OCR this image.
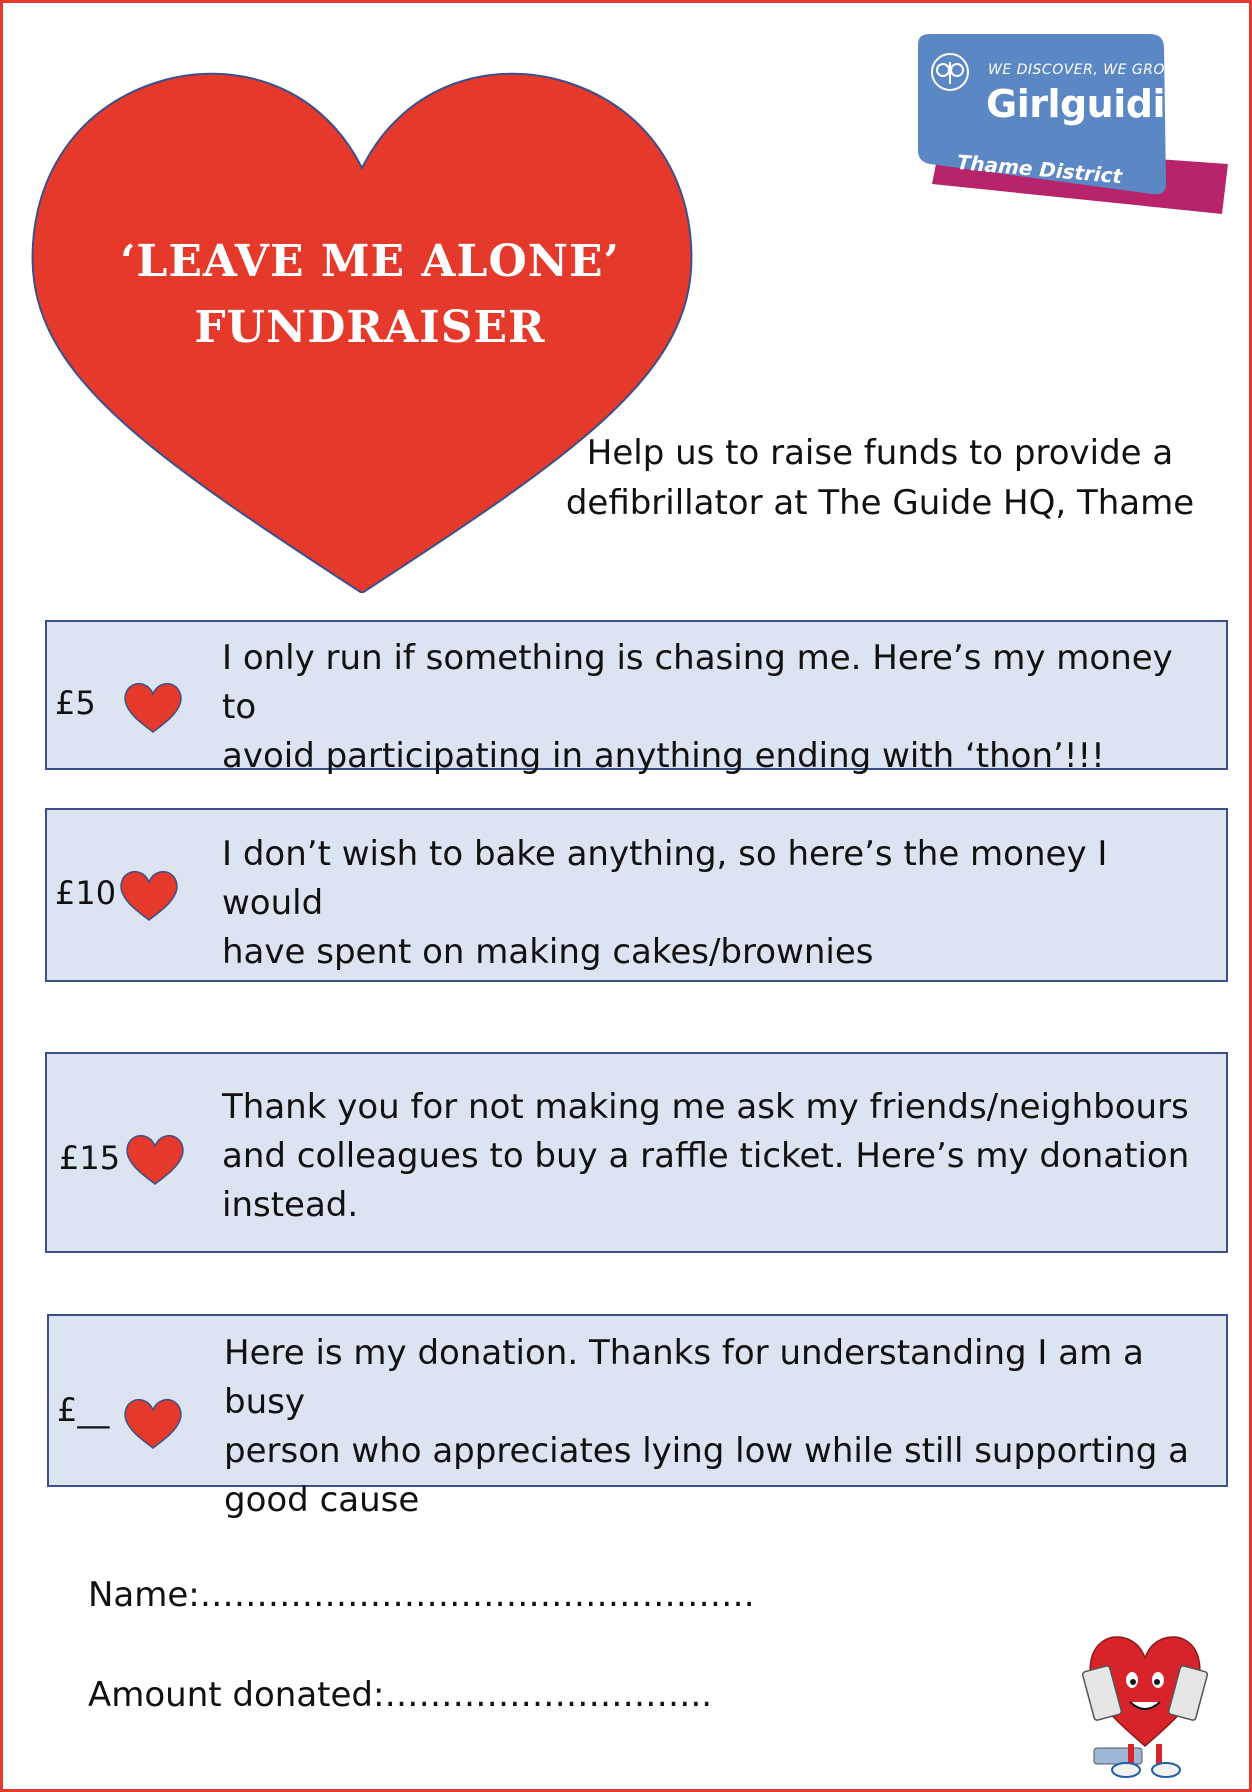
‘LEAVE ME ALONE’
FUNDRAISER
WE DISCOVER, WE GROW
Girlguiding
Thame District
Help us to raise funds to provide a
defibrillator at The Guide HQ, Thame
£5
I only run if something is chasing me. Here’s my money to
avoid participating in anything ending with ‘thon’!!!
£10
I don’t wish to bake anything, so here’s the money I would
have spent on making cakes/brownies
£15
Thank you for not making me ask my friends/neighbours
and colleagues to buy a raffle ticket. Here’s my donation
instead.
£__
Here is my donation. Thanks for understanding I am a busy
person who appreciates lying low while still supporting a
good cause
Name:………………………………………….
Amount donated:………………………..
